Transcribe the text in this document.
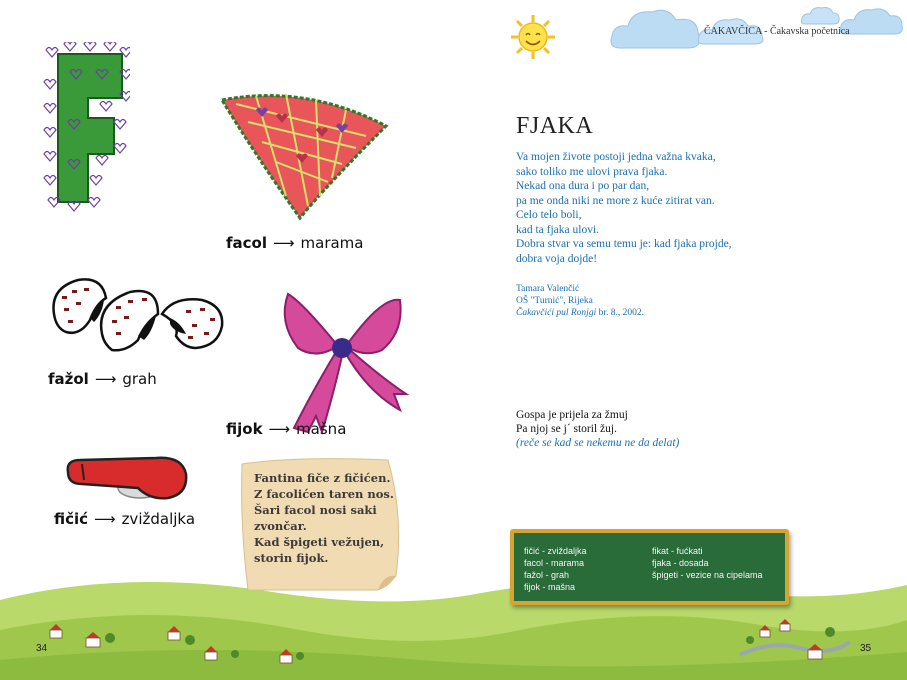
ČAKAVČICA - Čakavska početnica
facol ⟶ marama
fažol ⟶ grah
fijok ⟶ mašna
fičić ⟶ zviždaljka
Fantina fiče z fičićen.
Z facolićen taren nos.
Šari facol nosi saki
zvončar.
Kad špigeti vežujen,
storin fijok.
FJAKA
Va mojen životе postoji jedna važna kvaka,
sako toliko me ulovi prava fjaka.
Nekad ona dura i po par dan,
pa me onda niki ne more z kuće zitirat van.
Celo telo boli,
kad ta fjaka ulovi.
Dobra stvar va semu temu je: kad fjaka projde,
dobra voja dojde!
Tamara Valenčić
OŠ "Turnić", Rijeka
Čakavčići pul Ronjgi br. 8., 2002.
Gospa je prijela za žmuj
Pa njoj se j´ storil žuj.
(reče se kad se nekemu ne da delat)
fičić - zviždaljka
facol - marama
fažol - grah
fijok - mašna
fikat - fućkati
fjaka - dosada
špigeti - vezice na cipelama
34	35
